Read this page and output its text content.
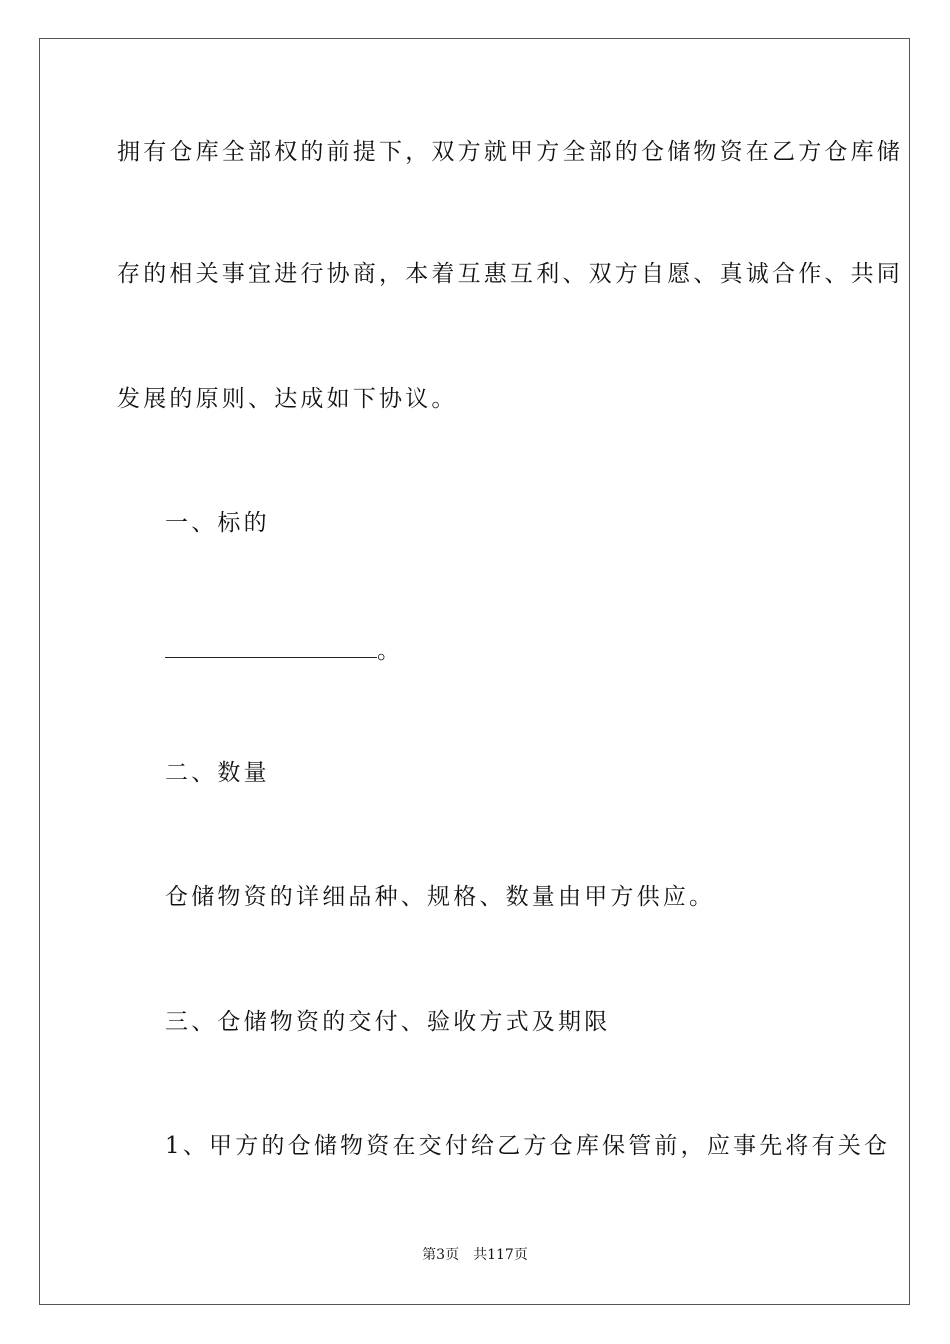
拥有仓库全部权的前提下，双方就甲方全部的仓储物资在乙方仓库储
存的相关事宜进行协商，本着互惠互利、双方自愿、真诚合作、共同
发展的原则、达成如下协议。
一、标的
。
二、数量
仓储物资的详细品种、规格、数量由甲方供应。
三、仓储物资的交付、验收方式及期限
1、甲方的仓储物资在交付给乙方仓库保管前，应事先将有关仓
第3页 共117页
